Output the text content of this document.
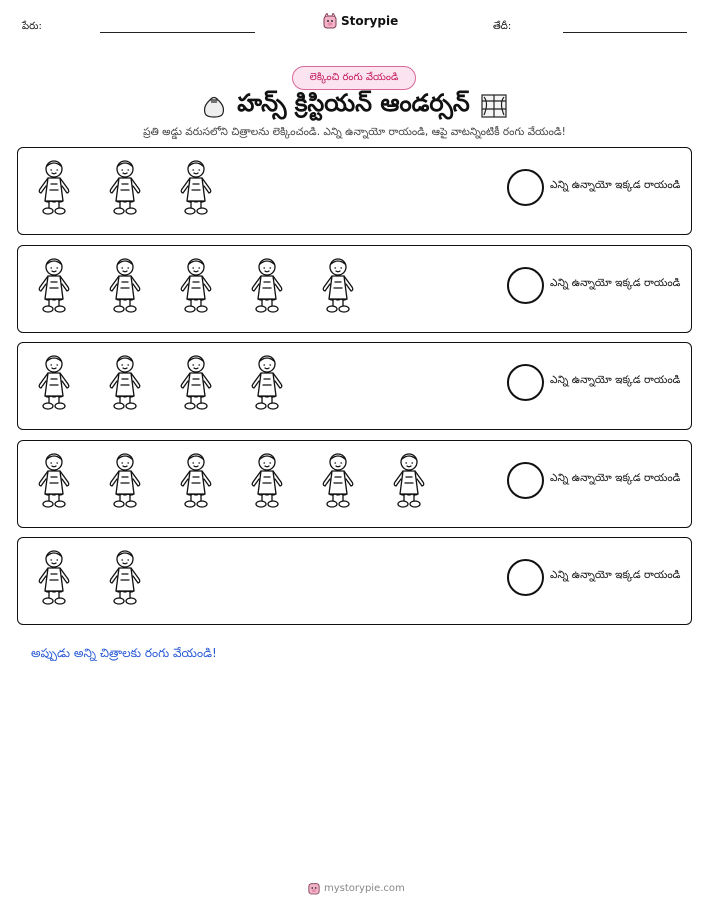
పేరు:	Storypie	తేదీ:
లెక్కించి రంగు వేయండి
హన్స్ క్రిస్టియన్ ఆండర్సన్
ప్రతి అడ్డు వరుసలోని చిత్రాలను లెక్కించండి. ఎన్ని ఉన్నాయో రాయండి, ఆపై వాటన్నింటికీ రంగు వేయండి!
ఎన్ని ఉన్నాయో ఇక్కడ రాయండి
ఎన్ని ఉన్నాయో ఇక్కడ రాయండి
ఎన్ని ఉన్నాయో ఇక్కడ రాయండి
ఎన్ని ఉన్నాయో ఇక్కడ రాయండి
ఎన్ని ఉన్నాయో ఇక్కడ రాయండి
అప్పుడు అన్ని చిత్రాలకు రంగు వేయండి!
mystorypie.com
